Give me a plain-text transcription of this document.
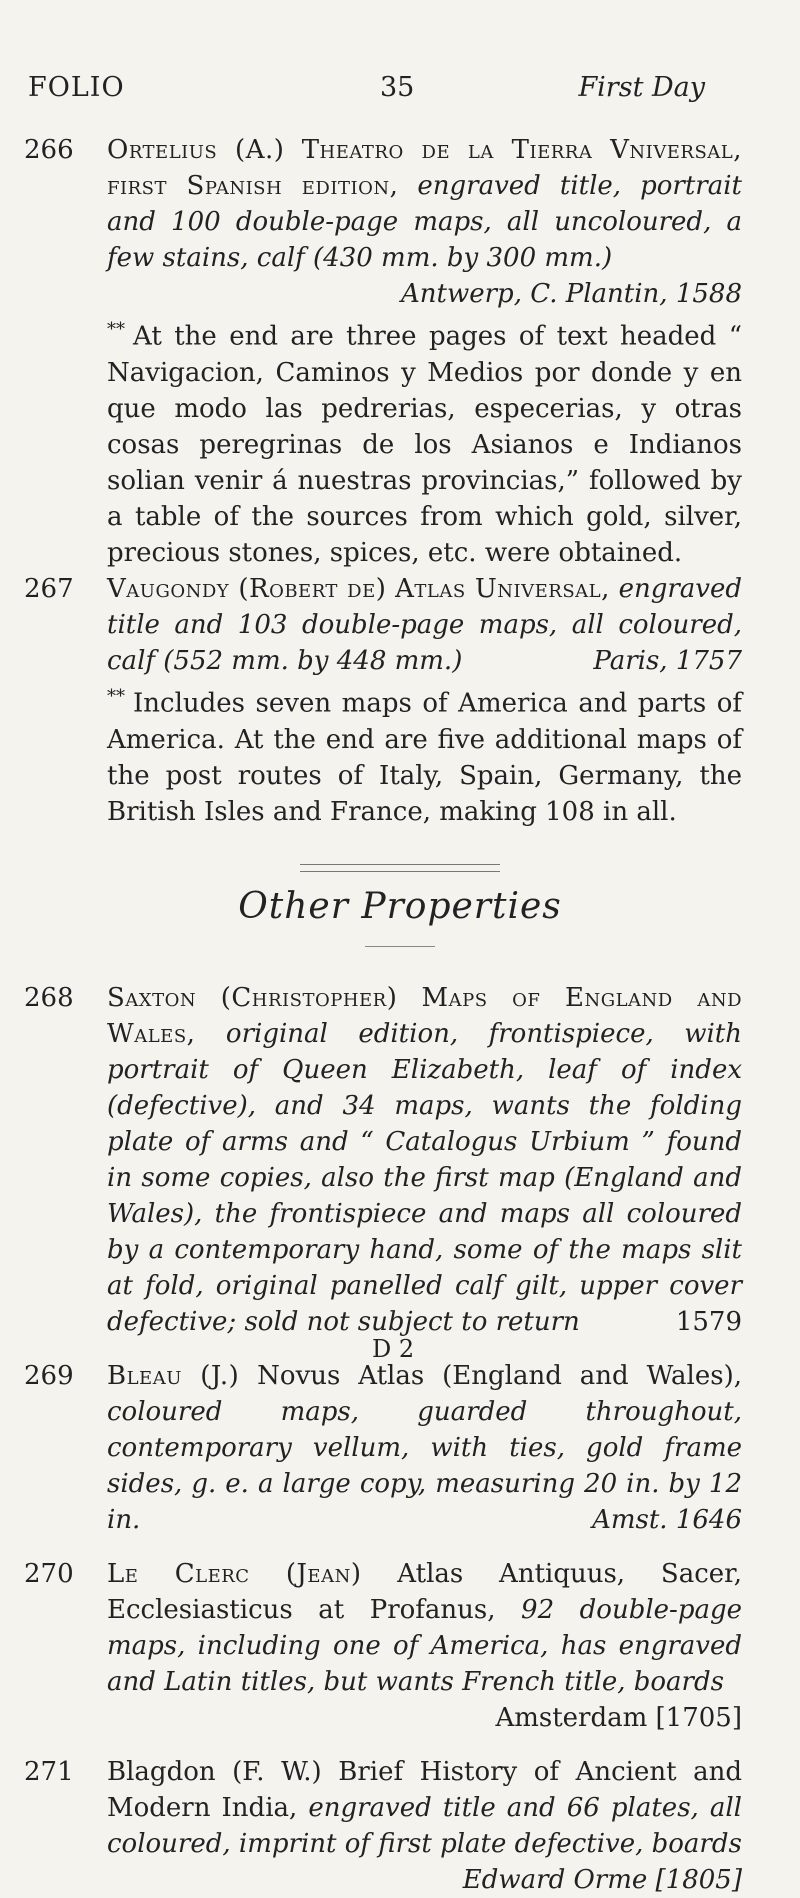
FOLIO	35	First Day
266 Ortelius (A.) Theatro de la Tierra Vniversal, first Spanish edition, engraved title, portrait and 100 double-page maps, all uncoloured, a few stains, calf (430 mm. by 300 mm.)
Antwerp, C. Plantin, 1588

** At the end are three pages of text headed “ Navigacion, Caminos y Medios por donde y en que modo las pedrerias, especerias, y otras cosas peregrinas de los Asianos e Indianos solian venir á nuestras provincias,” followed by a table of the sources from which gold, silver, precious stones, spices, etc. were obtained.

267 Vaugondy (Robert de) Atlas Universal, engraved title and 103 double-page maps, all coloured, calf (552 mm. by 448 mm.)	Paris, 1757

** Includes seven maps of America and parts of America. At the end are five additional maps of the post routes of Italy, Spain, Germany, the British Isles and France, making 108 in all.

Other Properties
268 Saxton (Christopher) Maps of England and Wales, original edition, frontispiece, with portrait of Queen Elizabeth, leaf of index (defective), and 34 maps, wants the folding plate of arms and “ Catalogus Urbium ” found in some copies, also the first map (England and Wales), the frontispiece and maps all coloured by a contemporary hand, some of the maps slit at fold, original panelled calf gilt, upper cover defective; sold not subject to return	1579

269 Bleau (J.) Novus Atlas (England and Wales), coloured maps, guarded throughout, contemporary vellum, with ties, gold frame sides, g. e. a large copy, measuring 20 in. by 12 in.	Amst. 1646

270 Le Clerc (Jean) Atlas Antiquus, Sacer, Ecclesiasticus at Profanus, 92 double-page maps, including one of America, has engraved and Latin titles, but wants French title, boards
Amsterdam [1705]

271 Blagdon (F. W.) Brief History of Ancient and Modern India, engraved title and 66 plates, all coloured, imprint of first plate defective, boards
Edward Orme [1805]

D 2
